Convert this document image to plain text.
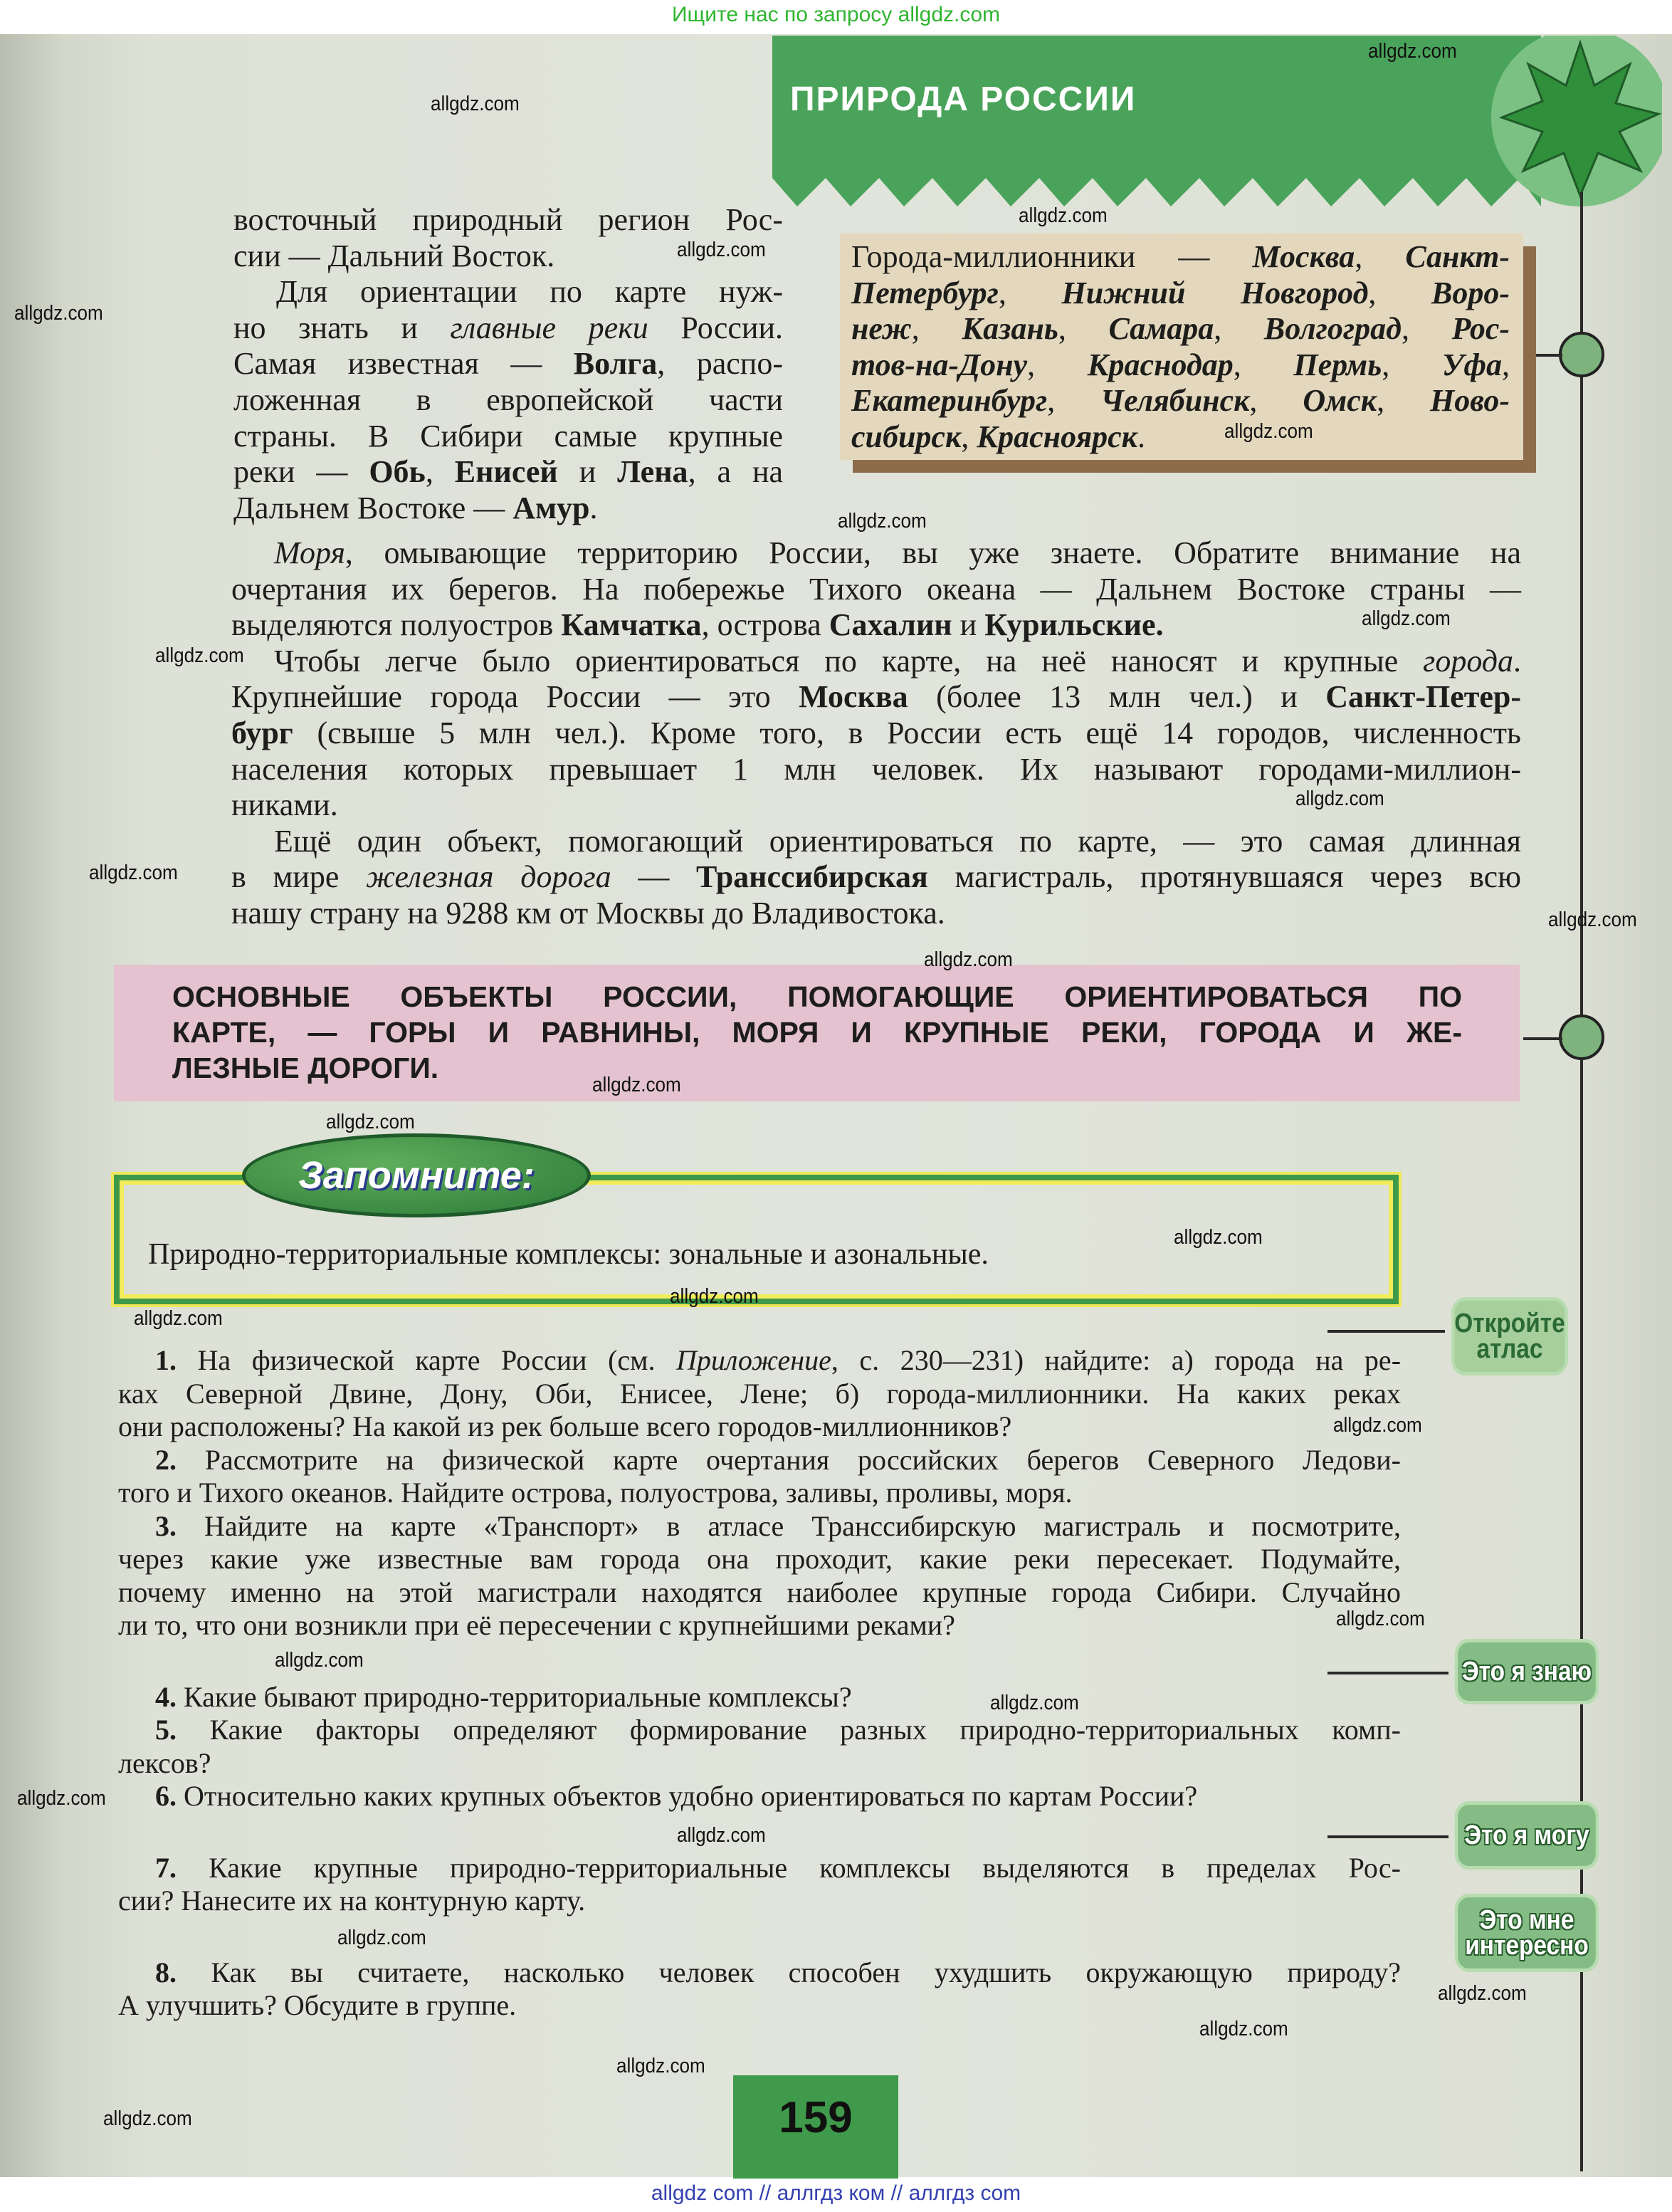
Ищите нас по запросу allgdz.com
ПРИРОДА РОССИИ
восточный природный регион Рос-
сии — Дальний Восток.
Для ориентации по карте нуж-
но знать и главные реки России.
Самая известная — Волга, распо-
ложенная в европейской части
страны. В Сибири самые крупные
реки — Обь, Енисей и Лена, а на
Дальнем Востоке — Амур.
Города-миллионники — Москва, Санкт-
Петербург, Нижний Новгород, Воро-
неж, Казань, Самара, Волгоград, Рос-
тов-на-Дону, Краснодар, Пермь, Уфа,
Екатеринбург, Челябинск, Омск, Ново-
сибирск, Красноярск.
Моря, омывающие территорию России, вы уже знаете. Обратите внимание на
очертания их берегов. На побережье Тихого океана — Дальнем Востоке страны —
выделяются полуостров Камчатка, острова Сахалин и Курильские.
Чтобы легче было ориентироваться по карте, на неё наносят и крупные города.
Крупнейшие города России — это Москва (более 13 млн чел.) и Санкт-Петер-
бург (свыше 5 млн чел.). Кроме того, в России есть ещё 14 городов, численность
населения которых превышает 1 млн человек. Их называют городами-миллион-
никами.
Ещё один объект, помогающий ориентироваться по карте, — это самая длинная
в мире железная дорога — Транссибирская магистраль, протянувшаяся через всю
нашу страну на 9288 км от Москвы до Владивостока.
ОСНОВНЫЕ ОБЪЕКТЫ РОССИИ, ПОМОГАЮЩИЕ ОРИЕНТИРОВАТЬСЯ ПО
КАРТЕ, — ГОРЫ И РАВНИНЫ, МОРЯ И КРУПНЫЕ РЕКИ, ГОРОДА И ЖЕ-
ЛЕЗНЫЕ ДОРОГИ.
Природно-территориальные комплексы: зональные и азональные.
Запомните:
1. На физической карте России (см. Приложение, с. 230—231) найдите: а) города на ре-
ках Северной Двине, Дону, Оби, Енисее, Лене; б) города-миллионники. На каких реках
они расположены? На какой из рек больше всего городов-миллионников?
2. Рассмотрите на физической карте очертания российских берегов Северного Ледови-
того и Тихого океанов. Найдите острова, полуострова, заливы, проливы, моря.
3. Найдите на карте «Транспорт» в атласе Транссибирскую магистраль и посмотрите,
через какие уже известные вам города она проходит, какие реки пересекает. Подумайте,
почему именно на этой магистрали находятся наиболее крупные города Сибири. Случайно
ли то, что они возникли при её пересечении с крупнейшими реками?
4. Какие бывают природно-территориальные комплексы?
5. Какие факторы определяют формирование разных природно-территориальных комп-
лексов?
6. Относительно каких крупных объектов удобно ориентироваться по картам России?
7. Какие крупные природно-территориальные комплексы выделяются в пределах Рос-
сии? Нанесите их на контурную карту.
8. Как вы считаете, насколько человек способен ухудшить окружающую природу?
А улучшить? Обсудите в группе.
Откройте атлас
Это я знаю
Это я могу
Это мне интересно
159
allgdz.com
allgdz.com
allgdz.com
allgdz.com
allgdz.com
allgdz.com
allgdz.com
allgdz.com
allgdz.com
allgdz.com
allgdz.com
allgdz.com
allgdz.com
allgdz.com
allgdz.com
allgdz.com
allgdz.com
allgdz.com
allgdz.com
allgdz.com
allgdz.com
allgdz.com
allgdz.com
allgdz.com
allgdz.com
allgdz.com
allgdz.com
allgdz.com
allgdz.com
allgdz com // аллгдз ком // аллгдз com
